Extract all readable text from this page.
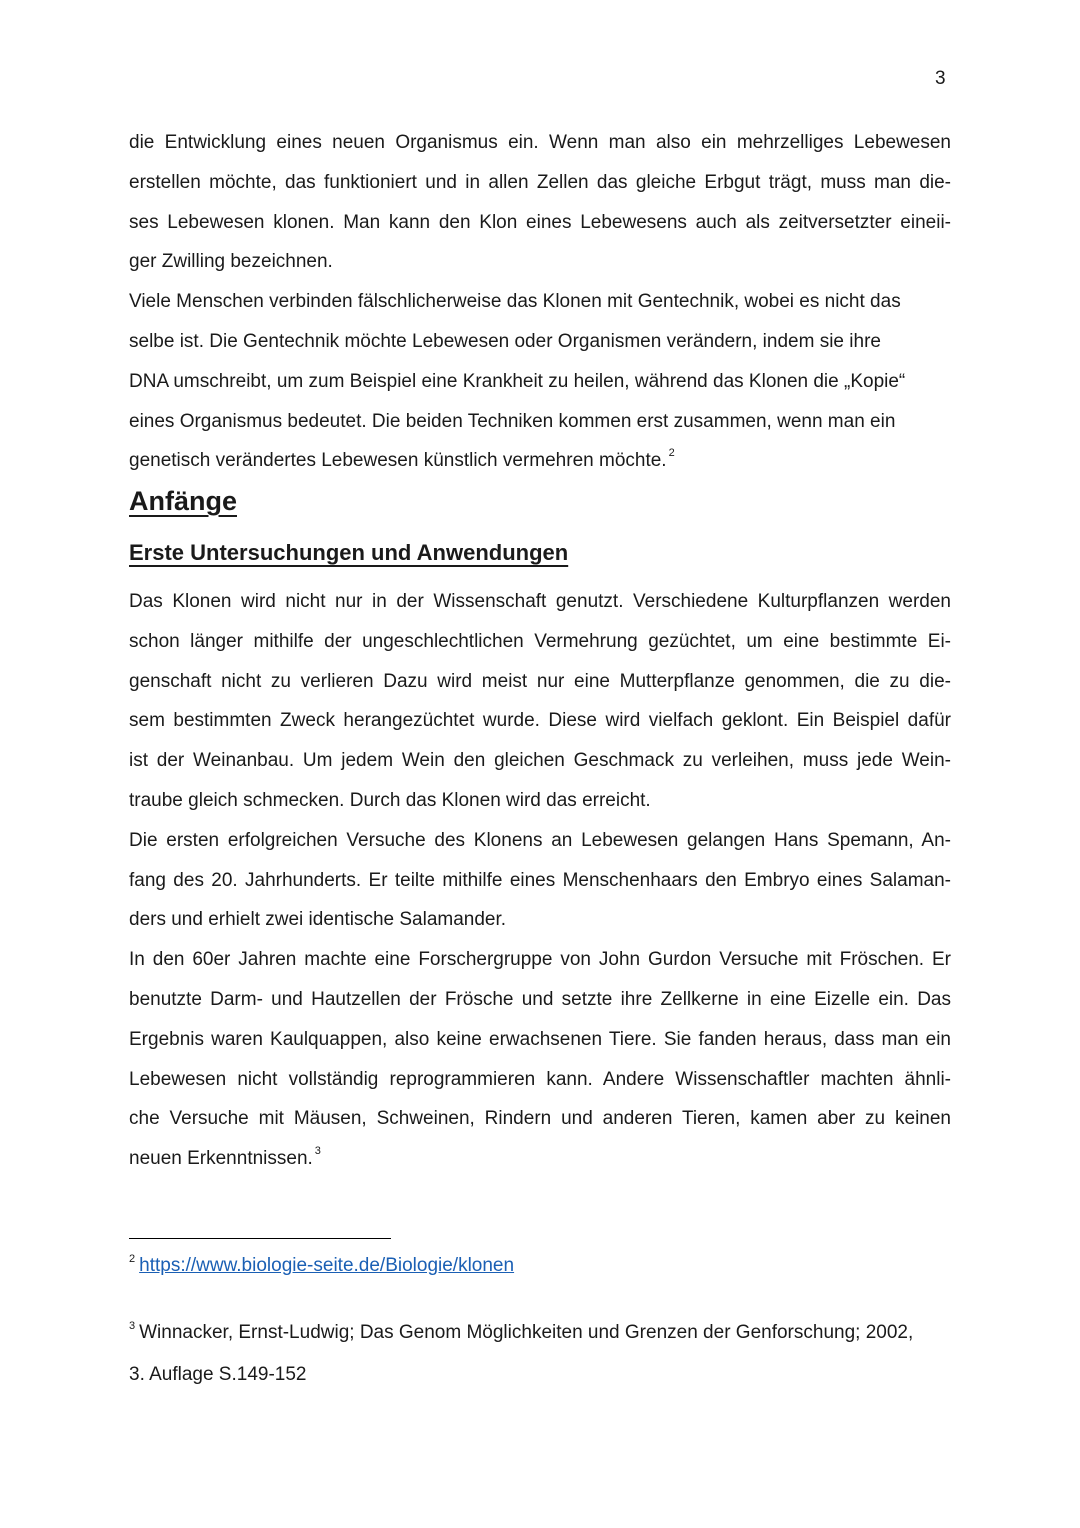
3
die Entwicklung eines neuen Organismus ein. Wenn man also ein mehrzelliges Lebewesen
erstellen möchte, das funktioniert und in allen Zellen das gleiche Erbgut trägt, muss man die-
ses Lebewesen klonen. Man kann den Klon eines Lebewesens auch als zeitversetzter eineii-
ger Zwilling bezeichnen.
Viele Menschen verbinden fälschlicherweise das Klonen mit Gentechnik, wobei es nicht das
selbe ist. Die Gentechnik möchte Lebewesen oder Organismen verändern, indem sie ihre
DNA umschreibt, um zum Beispiel eine Krankheit zu heilen, während das Klonen die „Kopie“
eines Organismus bedeutet. Die beiden Techniken kommen erst zusammen, wenn man ein
genetisch verändertes Lebewesen künstlich vermehren möchte. $^2$
Anfänge
Erste Untersuchungen und Anwendungen
Das Klonen wird nicht nur in der Wissenschaft genutzt. Verschiedene Kulturpflanzen werden
schon länger mithilfe der ungeschlechtlichen Vermehrung gezüchtet, um eine bestimmte Ei-
genschaft nicht zu verlieren Dazu wird meist nur eine Mutterpflanze genommen, die zu die-
sem bestimmten Zweck herangezüchtet wurde. Diese wird vielfach geklont. Ein Beispiel dafür
ist der Weinanbau. Um jedem Wein den gleichen Geschmack zu verleihen, muss jede Wein-
traube gleich schmecken. Durch das Klonen wird das erreicht.
Die ersten erfolgreichen Versuche des Klonens an Lebewesen gelangen Hans Spemann, An-
fang des 20. Jahrhunderts. Er teilte mithilfe eines Menschenhaars den Embryo eines Salaman-
ders und erhielt zwei identische Salamander.
In den 60er Jahren machte eine Forschergruppe von John Gurdon Versuche mit Fröschen. Er
benutzte Darm- und Hautzellen der Frösche und setzte ihre Zellkerne in eine Eizelle ein. Das
Ergebnis waren Kaulquappen, also keine erwachsenen Tiere. Sie fanden heraus, dass man ein
Lebewesen nicht vollständig reprogrammieren kann. Andere Wissenschaftler machten ähnli-
che Versuche mit Mäusen, Schweinen, Rindern und anderen Tieren, kamen aber zu keinen
neuen Erkenntnissen. $^3$
$^2$ https://www.biologie-seite.de/Biologie/klonen
$^3$ Winnacker, Ernst-Ludwig; Das Genom Möglichkeiten und Grenzen der Genforschung; 2002,
3. Auflage S.149-152
